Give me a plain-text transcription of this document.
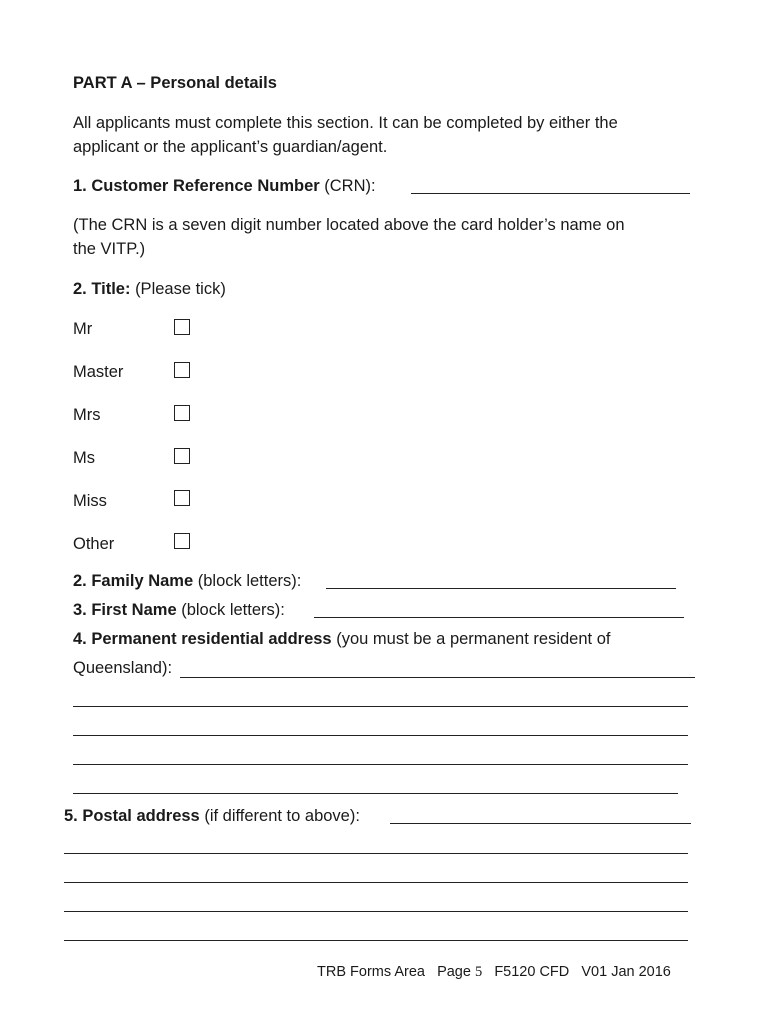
PART A – Personal details
All applicants must complete this section. It can be completed by either the
applicant or the applicant’s guardian/agent.
1. Customer Reference Number (CRN):
(The CRN is a seven digit number located above the card holder’s name on
the VITP.)
2. Title: (Please tick)
Mr
Master
Mrs
Ms
Miss
Other
2. Family Name (block letters):
3. First Name (block letters):
4. Permanent residential address (you must be a permanent resident of
Queensland):
5. Postal address (if different to above):
TRB Forms Area Page 5 F5120 CFD V01 Jan 2016
